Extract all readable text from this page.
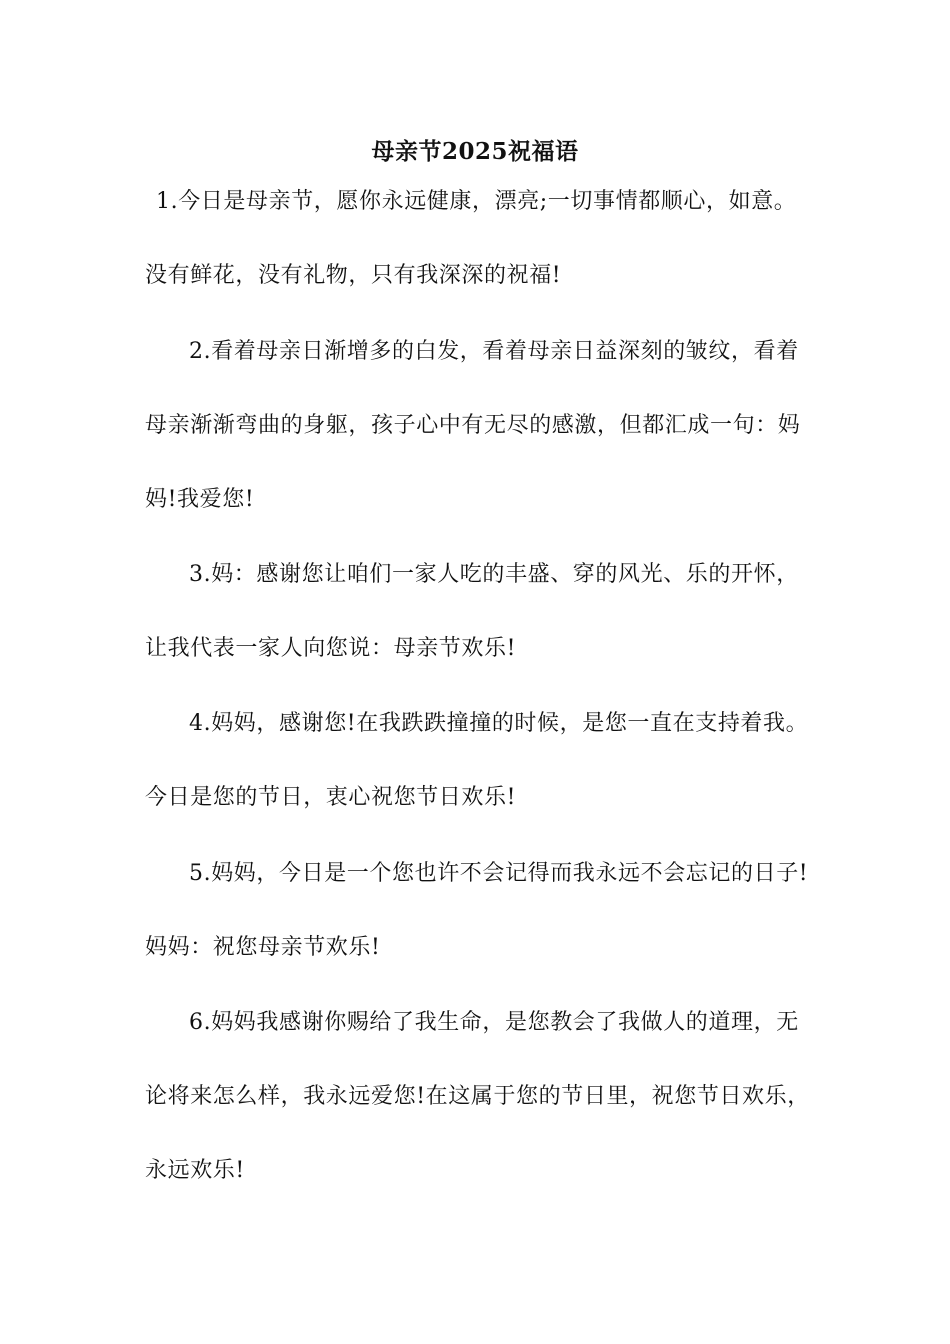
母亲节2025祝福语
1.今日是母亲节，愿你永远健康，漂亮;一切事情都顺心，如意。没有鲜花，没有礼物，只有我深深的祝福!
2.看着母亲日渐增多的白发，看着母亲日益深刻的皱纹，看着母亲渐渐弯曲的身躯，孩子心中有无尽的感激，但都汇成一句：妈妈!我爱您!
3.妈：感谢您让咱们一家人吃的丰盛、穿的风光、乐的开怀，让我代表一家人向您说：母亲节欢乐!
4.妈妈，感谢您!在我跌跌撞撞的时候，是您一直在支持着我。今日是您的节日，衷心祝您节日欢乐!
5.妈妈，今日是一个您也许不会记得而我永远不会忘记的日子!妈妈：祝您母亲节欢乐!
6.妈妈我感谢你赐给了我生命，是您教会了我做人的道理，无论将来怎么样，我永远爱您!在这属于您的节日里，祝您节日欢乐，永远欢乐!
